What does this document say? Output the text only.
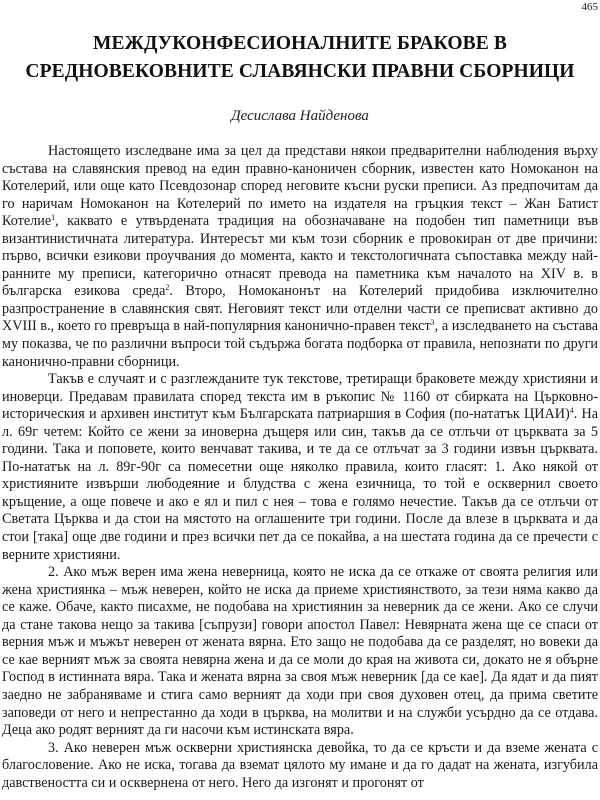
465
МЕЖДУКОНФЕСИОНАЛНИТЕ БРАКОВЕ В
СРЕДНОВЕКОВНИТЕ СЛАВЯНСКИ ПРАВНИ СБОРНИЦИ
Десислава Найденова

Настоящето изследване има за цел да представи някои предварителни наблюдения върху състава на славянския превод на един правно-каноничен сборник, известен като Номоканон на Котелерий, или още като Псевдозонар според неговите късни руски преписи. Аз предпочитам да го наричам Номоканон на Котелерий по името на издателя на гръцкия текст – Жан Батист Котелие$^1$, каквато е утвърдената традиция на обозначаване на подобен тип паметници във византинистичната литература. Интересът ми към този сборник е провокиран от две причини: първо, всички езикови проучвания до момента, както и текстологичната съпоставка между най-ранните му преписи, категорично отнасят превода на паметника към началото на XIV в. в българска езикова среда$^2$. Второ, Номоканонът на Котелерий придобива изключително разпространение в славянския свят. Неговият текст или отделни части се преписват активно до XVIII в., което го превръща в най-популярния канонично-правен текст$^3$, а изследването на състава му показва, че по различни въпроси той съдържа богата подборка от правила, непознати по други канонично-правни сборници.

Такъв е случаят и с разглежданите тук текстове, третиращи браковете между християни и иноверци. Предавам правилата според текста им в ръкопис № 1160 от сбирката на Църковно-историческия и архивен институт към Българската патриаршия в София (по-нататък ЦИАИ)$^4$. На л. 69г четем: Който се жени за иноверна дъщеря или син, такъв да се отлъчи от църквата за 5 години. Така и поповете, които венчават такива, и те да се отлъчат за 3 години извън църквата. По-нататък на л. 89г-90г са помесетни още няколко правила, които гласят: 1. Ако някой от християните извърши любодеяние и блудства с жена езичница, то той е осквернил своето кръщение, а още повече и ако е ял и пил с нея – това е голямо нечестие. Такъв да се отлъчи от Светата Църква и да стои на мястото на оглашените три години. После да влезе в църквата и да стои [така] още две години и през всички пет да се покайва, а на шестата година да се пречести с верните християни.

2. Ако мъж верен има жена неверница, която не иска да се откаже от своята религия или жена християнка – мъж неверен, който не иска да приеме християнството, за тези няма какво да се каже. Обаче, както писахме, не подобава на християнин за неверник да се жени. Ако се случи да стане такова нещо за такива [съпрузи] говори апостол Павел: Невярната жена ще се спаси от верния мъж и мъжът неверен от жената вярна. Ето защо не подобава да се разделят, но вовеки да се кае верният мъж за своята невярна жена и да се моли до края на живота си, докато не я обърне Господ в истинната вяра. Така и жената вярна за своя мъж неверник [да се кае]. Да ядат и да пият заедно не забраняваме и стига само верният да ходи при своя духовен отец, да прима светите заповеди от него и непрестанно да ходи в църква, на молитви и на служби усърдно да се отдава. Деца ако родят верният да ги насочи към истинската вяра.

3. Ако неверен мъж оскверни християнска девойка, то да се кръсти и да вземе жената с благословение. Ако не иска, тогава да вземат цялото му имане и да го дадат на жената, изгубила давствеността си и осквернена от него. Него да изгонят и прогонят от
